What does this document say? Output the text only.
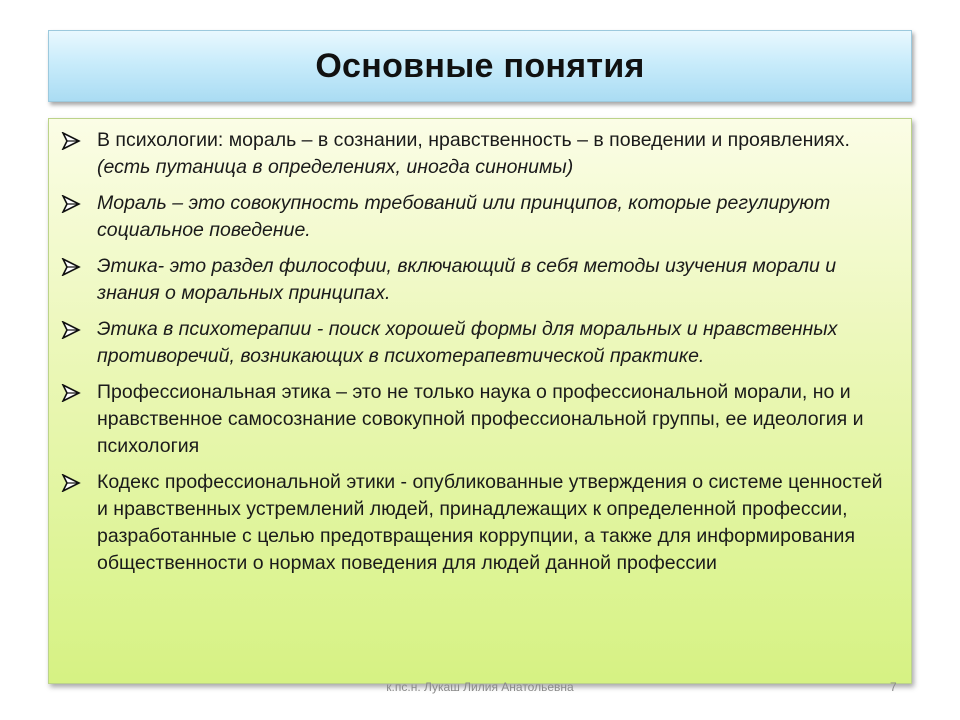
Основные понятия
В психологии: мораль – в сознании, нравственность – в поведении и проявлениях. (есть путаница в определениях, иногда синонимы)
Мораль – это совокупность требований или принципов, которые регулируют социальное поведение.
Этика- это раздел философии, включающий в себя методы изучения морали и знания о моральных принципах.
Этика в психотерапии - поиск хорошей формы для моральных и нравственных противоречий, возникающих в психотерапевтической практике.
Профессиональная этика – это не только наука о профессиональной морали, но и нравственное самосознание совокупной профессиональной группы, ее идеология и психология
Кодекс профессиональной этики - опубликованные утверждения о системе ценностей и нравственных устремлений людей, принадлежащих к определенной профессии, разработанные с целью предотвращения коррупции, а также для информирования общественности о нормах поведения для людей данной профессии
к.пс.н. Лукаш Лилия Анатольевна	7
